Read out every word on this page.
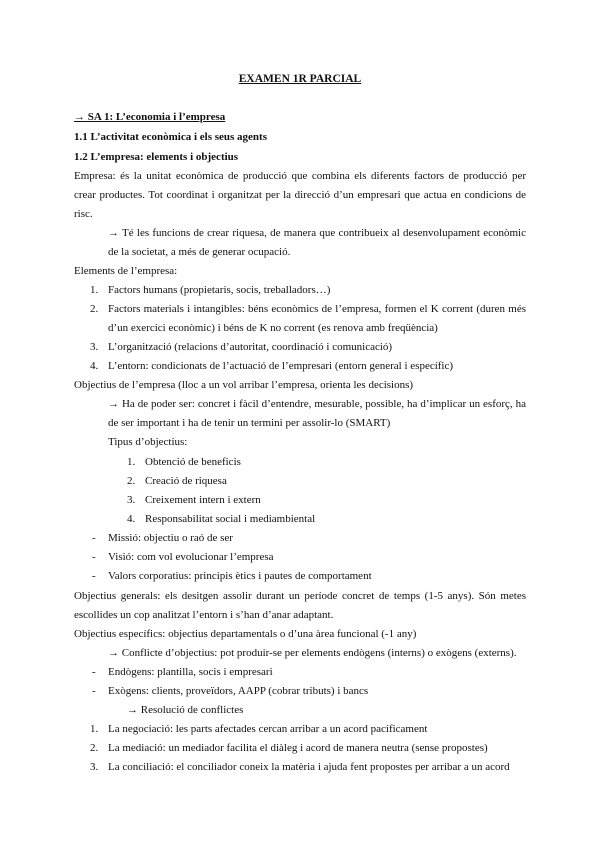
EXAMEN 1R PARCIAL
→ SA 1: L’economia i l’empresa
1.1 L’activitat econòmica i els seus agents
1.2 L’empresa: elements i objectius
Empresa: és la unitat econòmica de producció que combina els diferents factors de producció per
crear productes. Tot coordinat i organitzat per la direcció d’un empresari que actua en condicions de
risc.
→ Té les funcions de crear riquesa, de manera que contribueix al desenvolupament econòmic
de la societat, a més de generar ocupació.
Elements de l’empresa:
1. Factors humans (propietaris, socis, treballadors…)
2. Factors materials i intangibles: béns econòmics de l’empresa, formen el K corrent (duren més
d’un exercici econòmic) i béns de K no corrent (es renova amb freqüència)
3. L’organització (relacions d’autoritat, coordinació i comunicació)
4. L’entorn: condicionats de l’actuació de l’empresari (entorn general i específic)
Objectius de l’empresa (lloc a un vol arribar l’empresa, orienta les decisions)
→ Ha de poder ser: concret i fàcil d’entendre, mesurable, possible, ha d’implicar un esforç, ha
de ser important i ha de tenir un termini per assolir-lo (SMART)
Tipus d’objectius:
1. Obtenció de beneficis
2. Creació de riquesa
3. Creixement intern i extern
4. Responsabilitat social i mediambiental
- Missió: objectiu o raó de ser
- Visió: com vol evolucionar l’empresa
- Valors corporatius: principis ètics i pautes de comportament
Objectius generals: els desitgen assolir durant un període concret de temps (1-5 anys). Són metes
escollides un cop analitzat l’entorn i s’han d’anar adaptant.
Objectius específics: objectius departamentals o d’una àrea funcional (-1 any)
→ Conflicte d’objectius: pot produir-se per elements endògens (interns) o exògens (externs).
- Endògens: plantilla, socis i empresari
- Exògens: clients, proveïdors, AAPP (cobrar tributs) i bancs
→ Resolució de conflictes
1. La negociació: les parts afectades cercan arribar a un acord pacíficament
2. La mediació: un mediador facilita el diàleg i acord de manera neutra (sense propostes)
3. La conciliació: el conciliador coneix la matèria i ajuda fent propostes per arribar a un acord
